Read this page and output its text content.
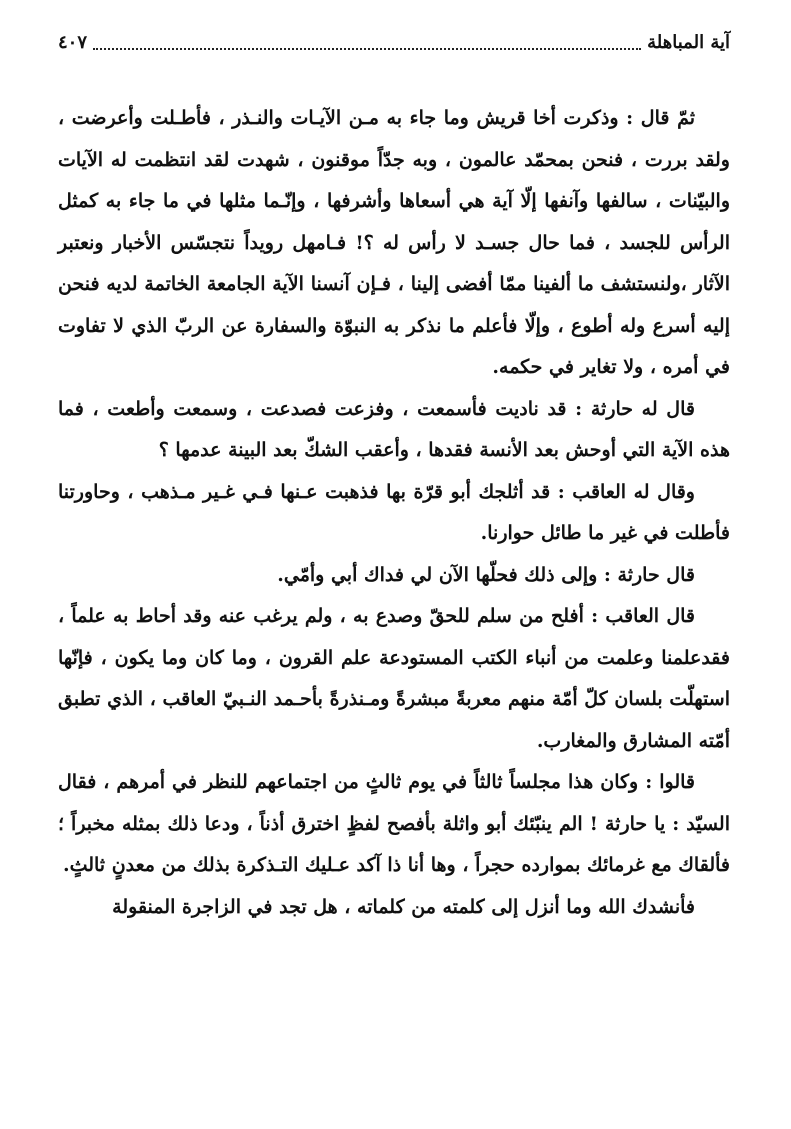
آية المباهلة
٤٠٧

ثمّ قال : وذكرت أخا قريش وما جاء به مـن الآيـات والنـذر ، فأطـلت وأعرضت ، ولقد بررت ، فنحن بمحمّد عالمون ، وبه جدّاً موقنون ، شهدت لقد انتظمت له الآيات والبيّنات ، سالفها وآنفها إلّا آية هي أسعاها وأشرفها ، وإنّـما مثلها في ما جاء به كمثل الرأس للجسد ، فما حال جسـد لا رأس له ؟! فـامهل رويداً نتجسّس الأخبار ونعتبر الآثار ،ولنستشف ما ألفينا ممّا أفضى إلينا ، فـإن آنسنا الآية الجامعة الخاتمة لديه فنحن إليه أسرع وله أطوع ، وإلّا فأعلم ما نذكر به النبوّة والسفارة عن الربّ الذي لا تفاوت في أمره ، ولا تغاير في حكمه.

قال له حارثة : قد ناديت فأسمعت ، وفزعت فصدعت ، وسمعت وأطعت ، فما هذه الآية التي أوحش بعد الأنسة فقدها ، وأعقب الشكّ بعد البينة عدمها ؟

وقال له العاقب : قد أثلجك أبو قرّة بها فذهبت عـنها فـي غـير مـذهب ، وحاورتنا فأطلت في غير ما طائل حوارنا.

قال حارثة : وإلى ذلك فحلّها الآن لي فداك أبي وأمّي.

قال العاقب : أفلح من سلم للحقّ وصدع به ، ولم يرغب عنه وقد أحاط به علماً ، فقدعلمنا وعلمت من أنباء الكتب المستودعة علم القرون ، وما كان وما يكون ، فإنّها استهلّت بلسان كلّ أمّة منهم معربةً مبشرةً ومـنذرةً بأحـمد النـبيّ العاقب ، الذي تطبق أمّته المشارق والمغارب.

قالوا : وكان هذا مجلساً ثالثاً في يوم ثالثٍ من اجتماعهم للنظر في أمرهم ، فقال السيّد : يا حارثة ! الم ينبّئك أبو واثلة بأفصح لفظٍ اخترق أذناً ، ودعا ذلك بمثله مخبراً ؛ فألقاك مع غرمائك بموارده حجراً ، وها أنا ذا آكد عـليك التـذكرة بذلك من معدنٍ ثالثٍ.

فأنشدك الله وما أنزل إلى كلمته من كلماته ، هل تجد في الزاجرة المنقولة
